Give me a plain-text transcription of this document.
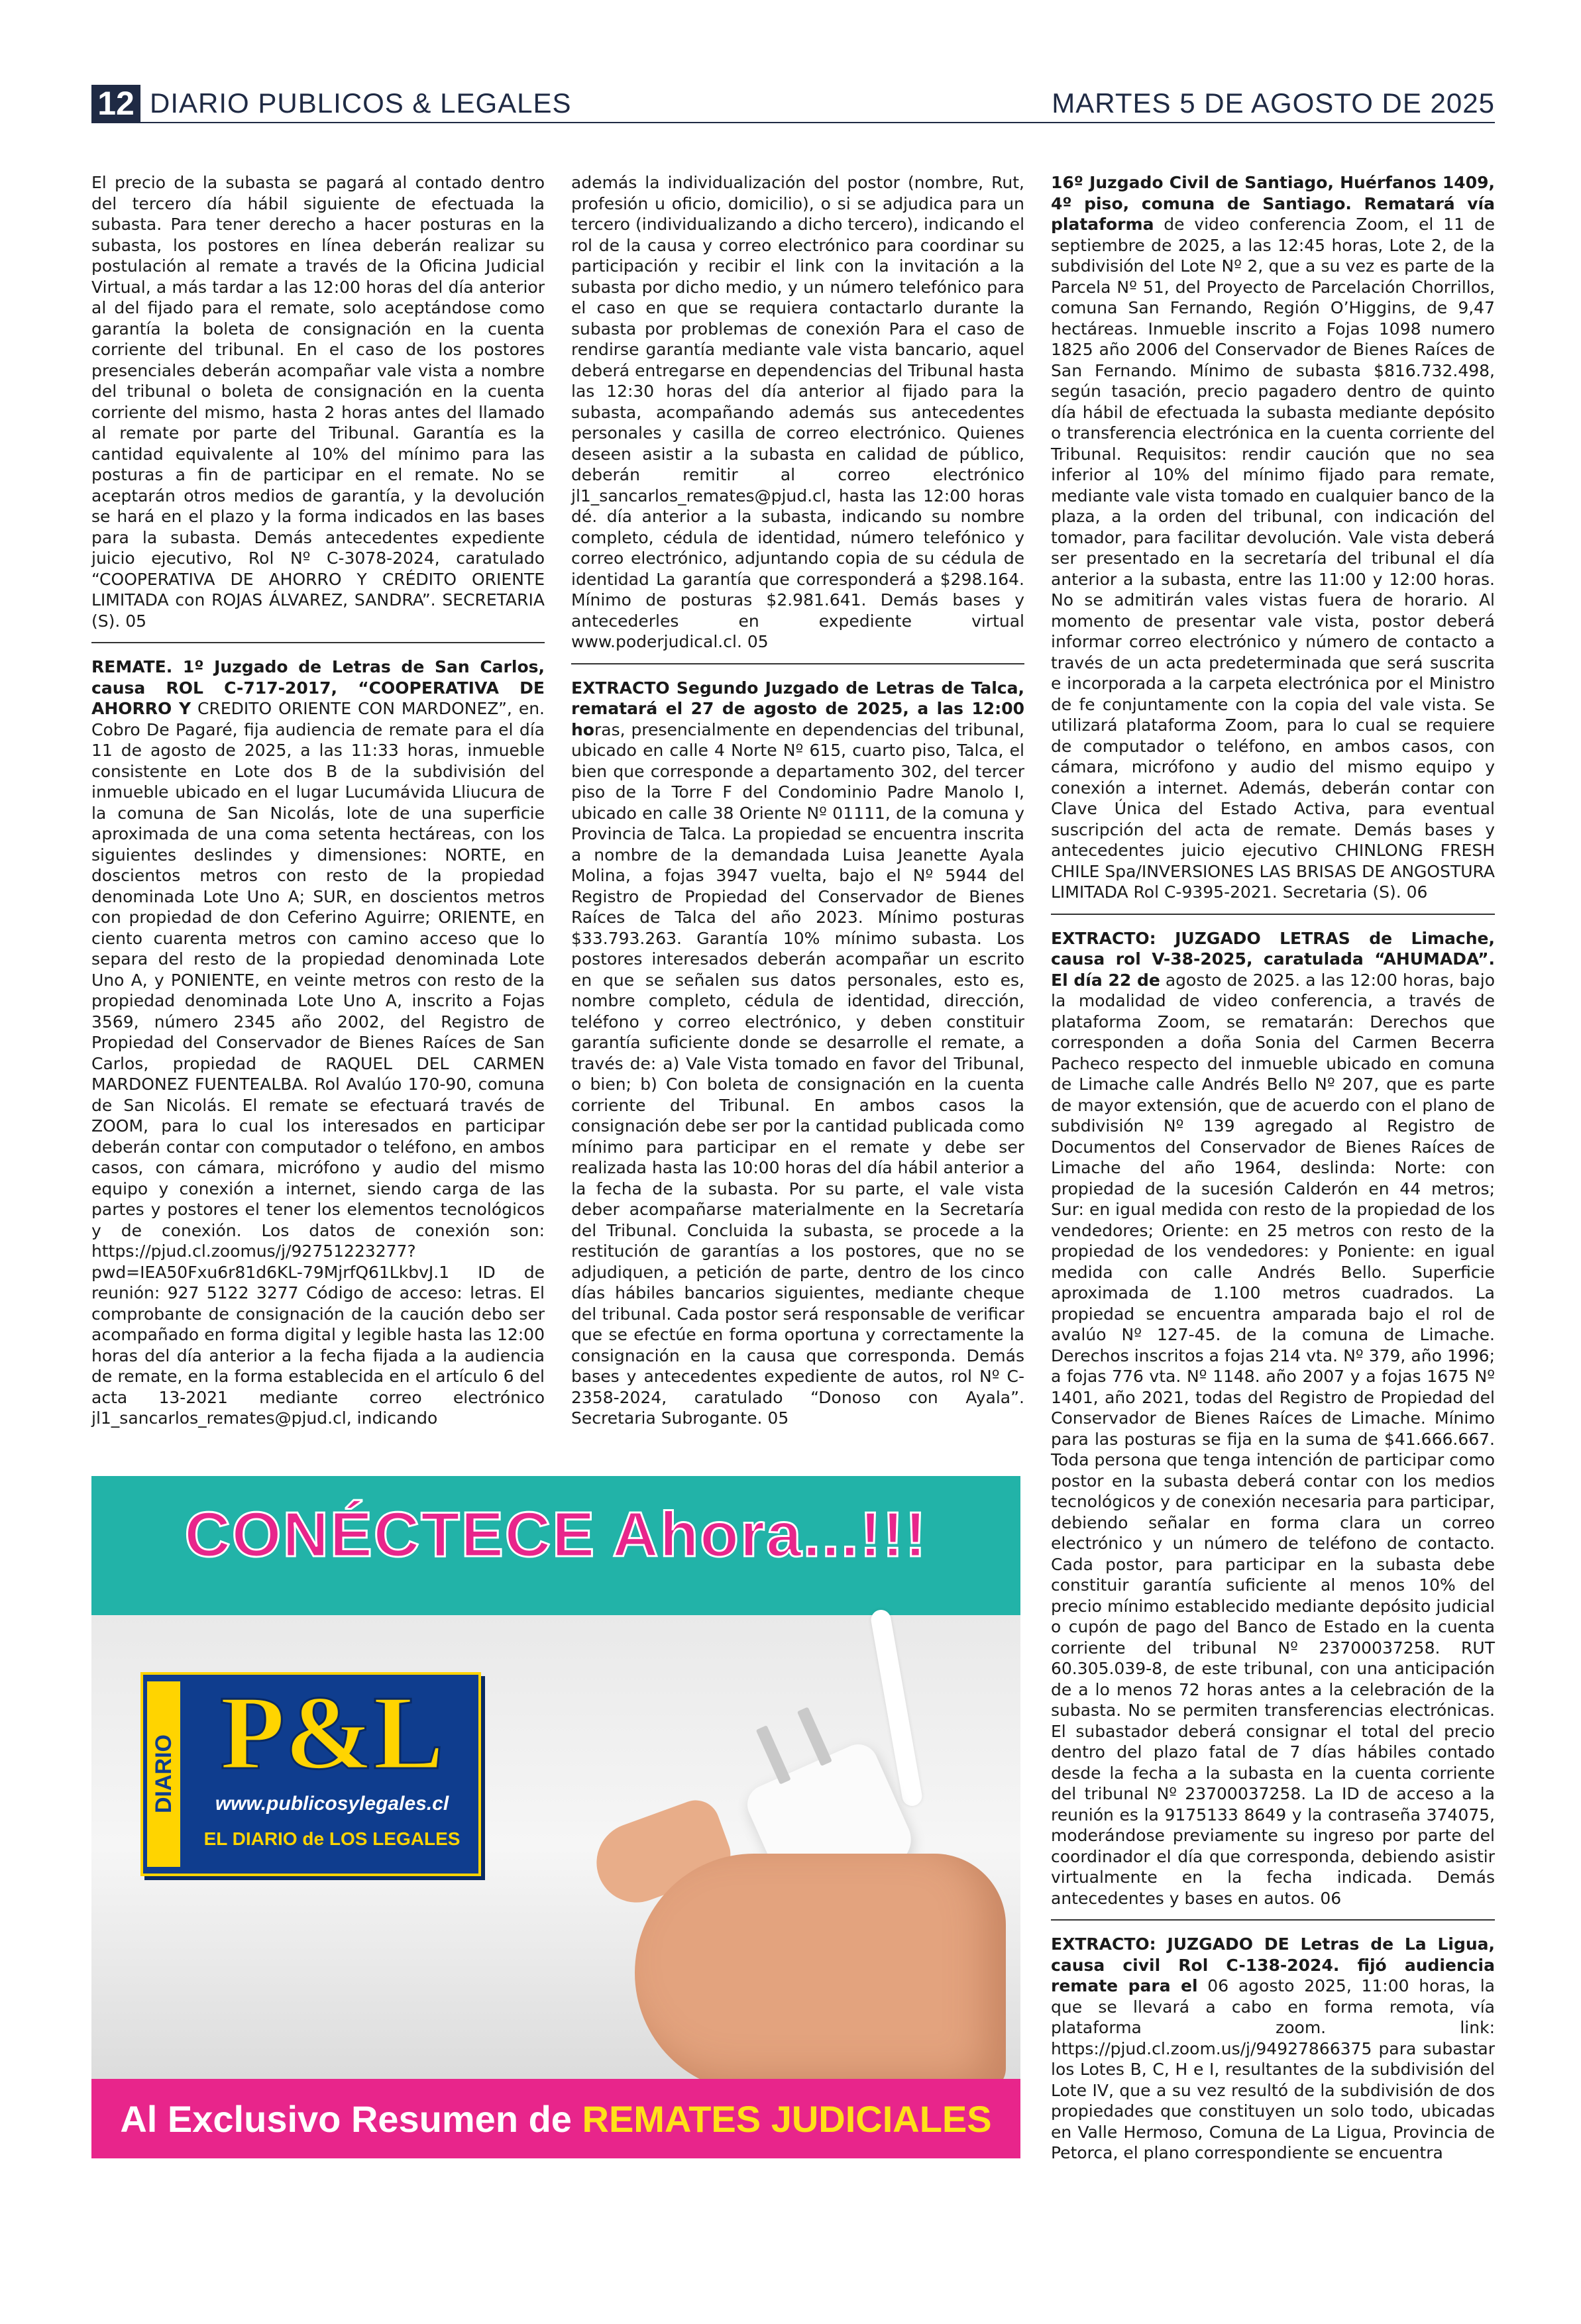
12 DIARIO PUBLICOS & LEGALES	MARTES 5 DE AGOSTO DE 2025

El precio de la subasta se pagará al contado dentro del tercero día hábil siguiente de efectuada la subasta. Para tener derecho a hacer posturas en la subasta, los postores en línea deberán realizar su postulación al remate a través de la Oficina Judicial Virtual, a más tardar a las 12:00 horas del día anterior al del fijado para el remate, solo aceptándose como garantía la boleta de consignación en la cuenta corriente del tribunal. En el caso de los postores presenciales deberán acompañar vale vista a nombre del tribunal o boleta de consignación en la cuenta corriente del mismo, hasta 2 horas antes del llamado al remate por parte del Tribunal. Garantía es la cantidad equivalente al 10% del mínimo para las posturas a fin de participar en el remate. No se aceptarán otros medios de garantía, y la devolución se hará en el plazo y la forma indicados en las bases para la subasta. Demás antecedentes expediente juicio ejecutivo, Rol Nº C-3078-2024, caratulado “COOPERATIVA DE AHORRO Y CRÉDITO ORIENTE LIMITADA con ROJAS ÁLVAREZ, SANDRA”. SECRETARIA (S). 05

REMATE. 1º Juzgado de Letras de San Carlos, causa ROL C-717-2017, “COOPERATIVA DE AHORRO Y CREDITO ORIENTE CON MARDONEZ”, en. Cobro De Pagaré, fija audiencia de remate para el día 11 de agosto de 2025, a las 11:33 horas, inmueble consistente en Lote dos B de la subdivisión del inmueble ubicado en el lugar Lucumávida Lliucura de la comuna de San Nicolás, lote de una superficie aproximada de una coma setenta hectáreas, con los siguientes deslindes y dimensiones: NORTE, en doscientos metros con resto de la propiedad denominada Lote Uno A; SUR, en doscientos metros con propiedad de don Ceferino Aguirre; ORIENTE, en ciento cuarenta metros con camino acceso que lo separa del resto de la propiedad denominada Lote Uno A, y PONIENTE, en veinte metros con resto de la propiedad denominada Lote Uno A, inscrito a Fojas 3569, número 2345 año 2002, del Registro de Propiedad del Conservador de Bienes Raíces de San Carlos, propiedad de RAQUEL DEL CARMEN MARDONEZ FUENTEALBA. Rol Avalúo 170-90, comuna de San Nicolás. El remate se efectuará través de ZOOM, para lo cual los interesados en participar deberán contar con computador o teléfono, en ambos casos, con cámara, micrófono y audio del mismo equipo y conexión a internet, siendo carga de las partes y postores el tener los elementos tecnológicos y de conexión. Los datos de conexión son: https://pjud.cl.zoomus/j/92751223277?pwd=IEA50Fxu6r81d6KL-79MjrfQ61LkbvJ.1 ID de reunión: 927 5122 3277 Código de acceso: letras. El comprobante de consignación de la caución debo ser acompañado en forma digital y legible hasta las 12:00 horas del día anterior a la fecha fijada a la audiencia de remate, en la forma establecida en el artículo 6 del acta 13-2021 mediante correo electrónico jl1_sancarlos_remates@pjud.cl, indicando

además la individualización del postor (nombre, Rut, profesión u oficio, domicilio), o si se adjudica para un tercero (individualizando a dicho tercero), indicando el rol de la causa y correo electrónico para coordinar su participación y recibir el link con la invitación a la subasta por dicho medio, y un número telefónico para el caso en que se requiera contactarlo durante la subasta por problemas de conexión Para el caso de rendirse garantía mediante vale vista bancario, aquel deberá entregarse en dependencias del Tribunal hasta las 12:30 horas del día anterior al fijado para la subasta, acompañando además sus antecedentes personales y casilla de correo electrónico. Quienes deseen asistir a la subasta en calidad de público, deberán remitir al correo electrónico jl1_sancarlos_remates@pjud.cl, hasta las 12:00 horas dé. día anterior a la subasta, indicando su nombre completo, cédula de identidad, número telefónico y correo electrónico, adjuntando copia de su cédula de identidad La garantía que corresponderá a $298.164. Mínimo de posturas $2.981.641. Demás bases y antecederles en expediente virtual www.poderjudical.cl. 05

EXTRACTO Segundo Juzgado de Letras de Talca, rematará el 27 de agosto de 2025, a las 12:00 horas, presencialmente en dependencias del tribunal, ubicado en calle 4 Norte Nº 615, cuarto piso, Talca, el bien que corresponde a departamento 302, del tercer piso de la Torre F del Condominio Padre Manolo I, ubicado en calle 38 Oriente Nº 01111, de la comuna y Provincia de Talca. La propiedad se encuentra inscrita a nombre de la demandada Luisa Jeanette Ayala Molina, a fojas 3947 vuelta, bajo el Nº 5944 del Registro de Propiedad del Conservador de Bienes Raíces de Talca del año 2023. Mínimo posturas $33.793.263. Garantía 10% mínimo subasta. Los postores interesados deberán acompañar un escrito en que se señalen sus datos personales, esto es, nombre completo, cédula de identidad, dirección, teléfono y correo electrónico, y deben constituir garantía suficiente donde se desarrolle el remate, a través de: a) Vale Vista tomado en favor del Tribunal, o bien; b) Con boleta de consignación en la cuenta corriente del Tribunal. En ambos casos la consignación debe ser por la cantidad publicada como mínimo para participar en el remate y debe ser realizada hasta las 10:00 horas del día hábil anterior a la fecha de la subasta. Por su parte, el vale vista deber acompañarse materialmente en la Secretaría del Tribunal. Concluida la subasta, se procede a la restitución de garantías a los postores, que no se adjudiquen, a petición de parte, dentro de los cinco días hábiles bancarios siguientes, mediante cheque del tribunal. Cada postor será responsable de verificar que se efectúe en forma oportuna y correctamente la consignación en la causa que corresponda. Demás bases y antecedentes expediente de autos, rol Nº C-2358-2024, caratulado “Donoso con Ayala”. Secretaria Subrogante. 05

16º Juzgado Civil de Santiago, Huérfanos 1409, 4º piso, comuna de Santiago. Rematará vía plataforma de video conferencia Zoom, el 11 de septiembre de 2025, a las 12:45 horas, Lote 2, de la subdivisión del Lote Nº 2, que a su vez es parte de la Parcela Nº 51, del Proyecto de Parcelación Chorrillos, comuna San Fernando, Región O’Higgins, de 9,47 hectáreas. Inmueble inscrito a Fojas 1098 numero 1825 año 2006 del Conservador de Bienes Raíces de San Fernando. Mínimo de subasta $816.732.498, según tasación, precio pagadero dentro de quinto día hábil de efectuada la subasta mediante depósito o transferencia electrónica en la cuenta corriente del Tribunal. Requisitos: rendir caución que no sea inferior al 10% del mínimo fijado para remate, mediante vale vista tomado en cualquier banco de la plaza, a la orden del tribunal, con indicación del tomador, para facilitar devolución. Vale vista deberá ser presentado en la secretaría del tribunal el día anterior a la subasta, entre las 11:00 y 12:00 horas. No se admitirán vales vistas fuera de horario. Al momento de presentar vale vista, postor deberá informar correo electrónico y número de contacto a través de un acta predeterminada que será suscrita e incorporada a la carpeta electrónica por el Ministro de fe conjuntamente con la copia del vale vista. Se utilizará plataforma Zoom, para lo cual se requiere de computador o teléfono, en ambos casos, con cámara, micrófono y audio del mismo equipo y conexión a internet. Además, deberán contar con Clave Única del Estado Activa, para eventual suscripción del acta de remate. Demás bases y antecedentes juicio ejecutivo CHINLONG FRESH CHILE Spa/INVERSIONES LAS BRISAS DE ANGOSTURA LIMITADA Rol C-9395-2021. Secretaria (S). 06

EXTRACTO: JUZGADO LETRAS de Limache, causa rol V-38-2025, caratulada “AHUMADA”. El día 22 de agosto de 2025. a las 12:00 horas, bajo la modalidad de video conferencia, a través de plataforma Zoom, se rematarán: Derechos que corresponden a doña Sonia del Carmen Becerra Pacheco respecto del inmueble ubicado en comuna de Limache calle Andrés Bello Nº 207, que es parte de mayor extensión, que de acuerdo con el plano de subdivisión Nº 139 agregado al Registro de Documentos del Conservador de Bienes Raíces de Limache del año 1964, deslinda: Norte: con propiedad de la sucesión Calderón en 44 metros; Sur: en igual medida con resto de la propiedad de los vendedores; Oriente: en 25 metros con resto de la propiedad de los vendedores: y Poniente: en igual medida con calle Andrés Bello. Superficie aproximada de 1.100 metros cuadrados. La propiedad se encuentra amparada bajo el rol de avalúo Nº 127-45. de la comuna de Limache. Derechos inscritos a fojas 214 vta. Nº 379, año 1996; a fojas 776 vta. Nº 1148. año 2007 y a fojas 1675 Nº 1401, año 2021, todas del Registro de Propiedad del Conservador de Bienes Raíces de Limache. Mínimo para las posturas se fija en la suma de $41.666.667. Toda persona que tenga intención de participar como postor en la subasta deberá contar con los medios tecnológicos y de conexión necesaria para participar, debiendo señalar en forma clara un correo electrónico y un número de teléfono de contacto. Cada postor, para participar en la subasta debe constituir garantía suficiente al menos 10% del precio mínimo establecido mediante depósito judicial o cupón de pago del Banco de Estado en la cuenta corriente del tribunal Nº 23700037258. RUT 60.305.039-8, de este tribunal, con una anticipación de a lo menos 72 horas antes a la celebración de la subasta. No se permiten transferencias electrónicas. El subastador deberá consignar el total del precio dentro del plazo fatal de 7 días hábiles contado desde la fecha a la subasta en la cuenta corriente del tribunal Nº 23700037258. La ID de acceso a la reunión es la 9175133 8649 y la contraseña 374075, moderándose previamente su ingreso por parte del coordinador el día que corresponda, debiendo asistir virtualmente en la fecha indicada. Demás antecedentes y bases en autos. 06

EXTRACTO: JUZGADO DE Letras de La Ligua, causa civil Rol C-138-2024. fijó audiencia remate para el 06 agosto 2025, 11:00 horas, la que se llevará a cabo en forma remota, vía plataforma zoom. link: https://pjud.cl.zoom.us/j/94927866375 para subastar los Lotes B, C, H e I, resultantes de la subdivisión del Lote IV, que a su vez resultó de la subdivisión de dos propiedades que constituyen un solo todo, ubicadas en Valle Hermoso, Comuna de La Ligua, Provincia de Petorca, el plano correspondiente se encuentra

CONÉCTECE Ahora...!!!
DIARIO P&L
www.publicosylegales.cl
EL DIARIO de LOS LEGALES
Al Exclusivo Resumen de REMATES JUDICIALES
